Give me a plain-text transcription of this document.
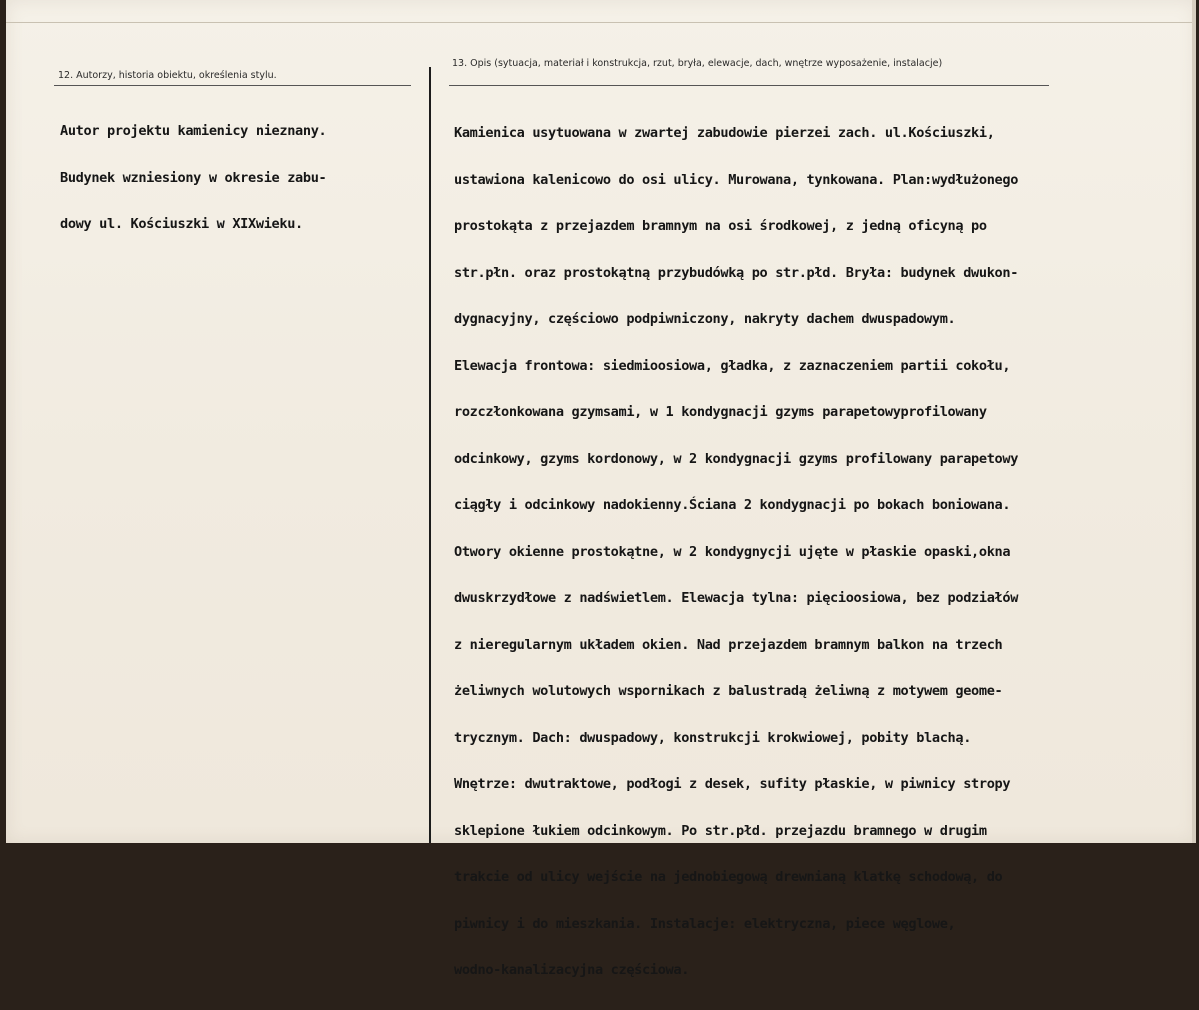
12. Autorzy, historia obiektu, określenia stylu.
13. Opis (sytuacja, materiał i konstrukcja, rzut, bryła, elewacje, dach, wnętrze wyposażenie, instalacje)

Autor projektu kamienicy nieznany.

Budynek wzniesiony w okresie zabu-

dowy ul. Kościuszki w XIXwieku.

Kamienica usytuowana w zwartej zabudowie pierzei zach. ul.Kościuszki,

ustawiona kalenicowo do osi ulicy. Murowana, tynkowana. Plan:wydłużonego

prostokąta z przejazdem bramnym na osi środkowej, z jedną oficyną po

str.płn. oraz prostokątną przybudówką po str.płd. Bryła: budynek dwukon-

dygnacyjny, częściowo podpiwniczony, nakryty dachem dwuspadowym.

Elewacja frontowa: siedmioosiowa, gładka, z zaznaczeniem partii cokołu,

rozczłonkowana gzymsami, w 1 kondygnacji gzyms parapetowyprofilowany

odcinkowy, gzyms kordonowy, w 2 kondygnacji gzyms profilowany parapetowy

ciągły i odcinkowy nadokienny.Ściana 2 kondygnacji po bokach boniowana.

Otwory okienne prostokątne, w 2 kondygnycji ujęte w płaskie opaski,okna

dwuskrzydłowe z nadświetlem. Elewacja tylna: pięcioosiowa, bez podziałów

z nieregularnym układem okien. Nad przejazdem bramnym balkon na trzech

żeliwnych wolutowych wspornikach z balustradą żeliwną z motywem geome-

trycznym. Dach: dwuspadowy, konstrukcji krokwiowej, pobity blachą.

Wnętrze: dwutraktowe, podłogi z desek, sufity płaskie, w piwnicy stropy

sklepione łukiem odcinkowym. Po str.płd. przejazdu bramnego w drugim

trakcie od ulicy wejście na jednobiegową drewnianą klatkę schodową, do

piwnicy i do mieszkania. Instalacje: elektryczna, piece węglowe,

wodno-kanalizacyjna częściowa.
